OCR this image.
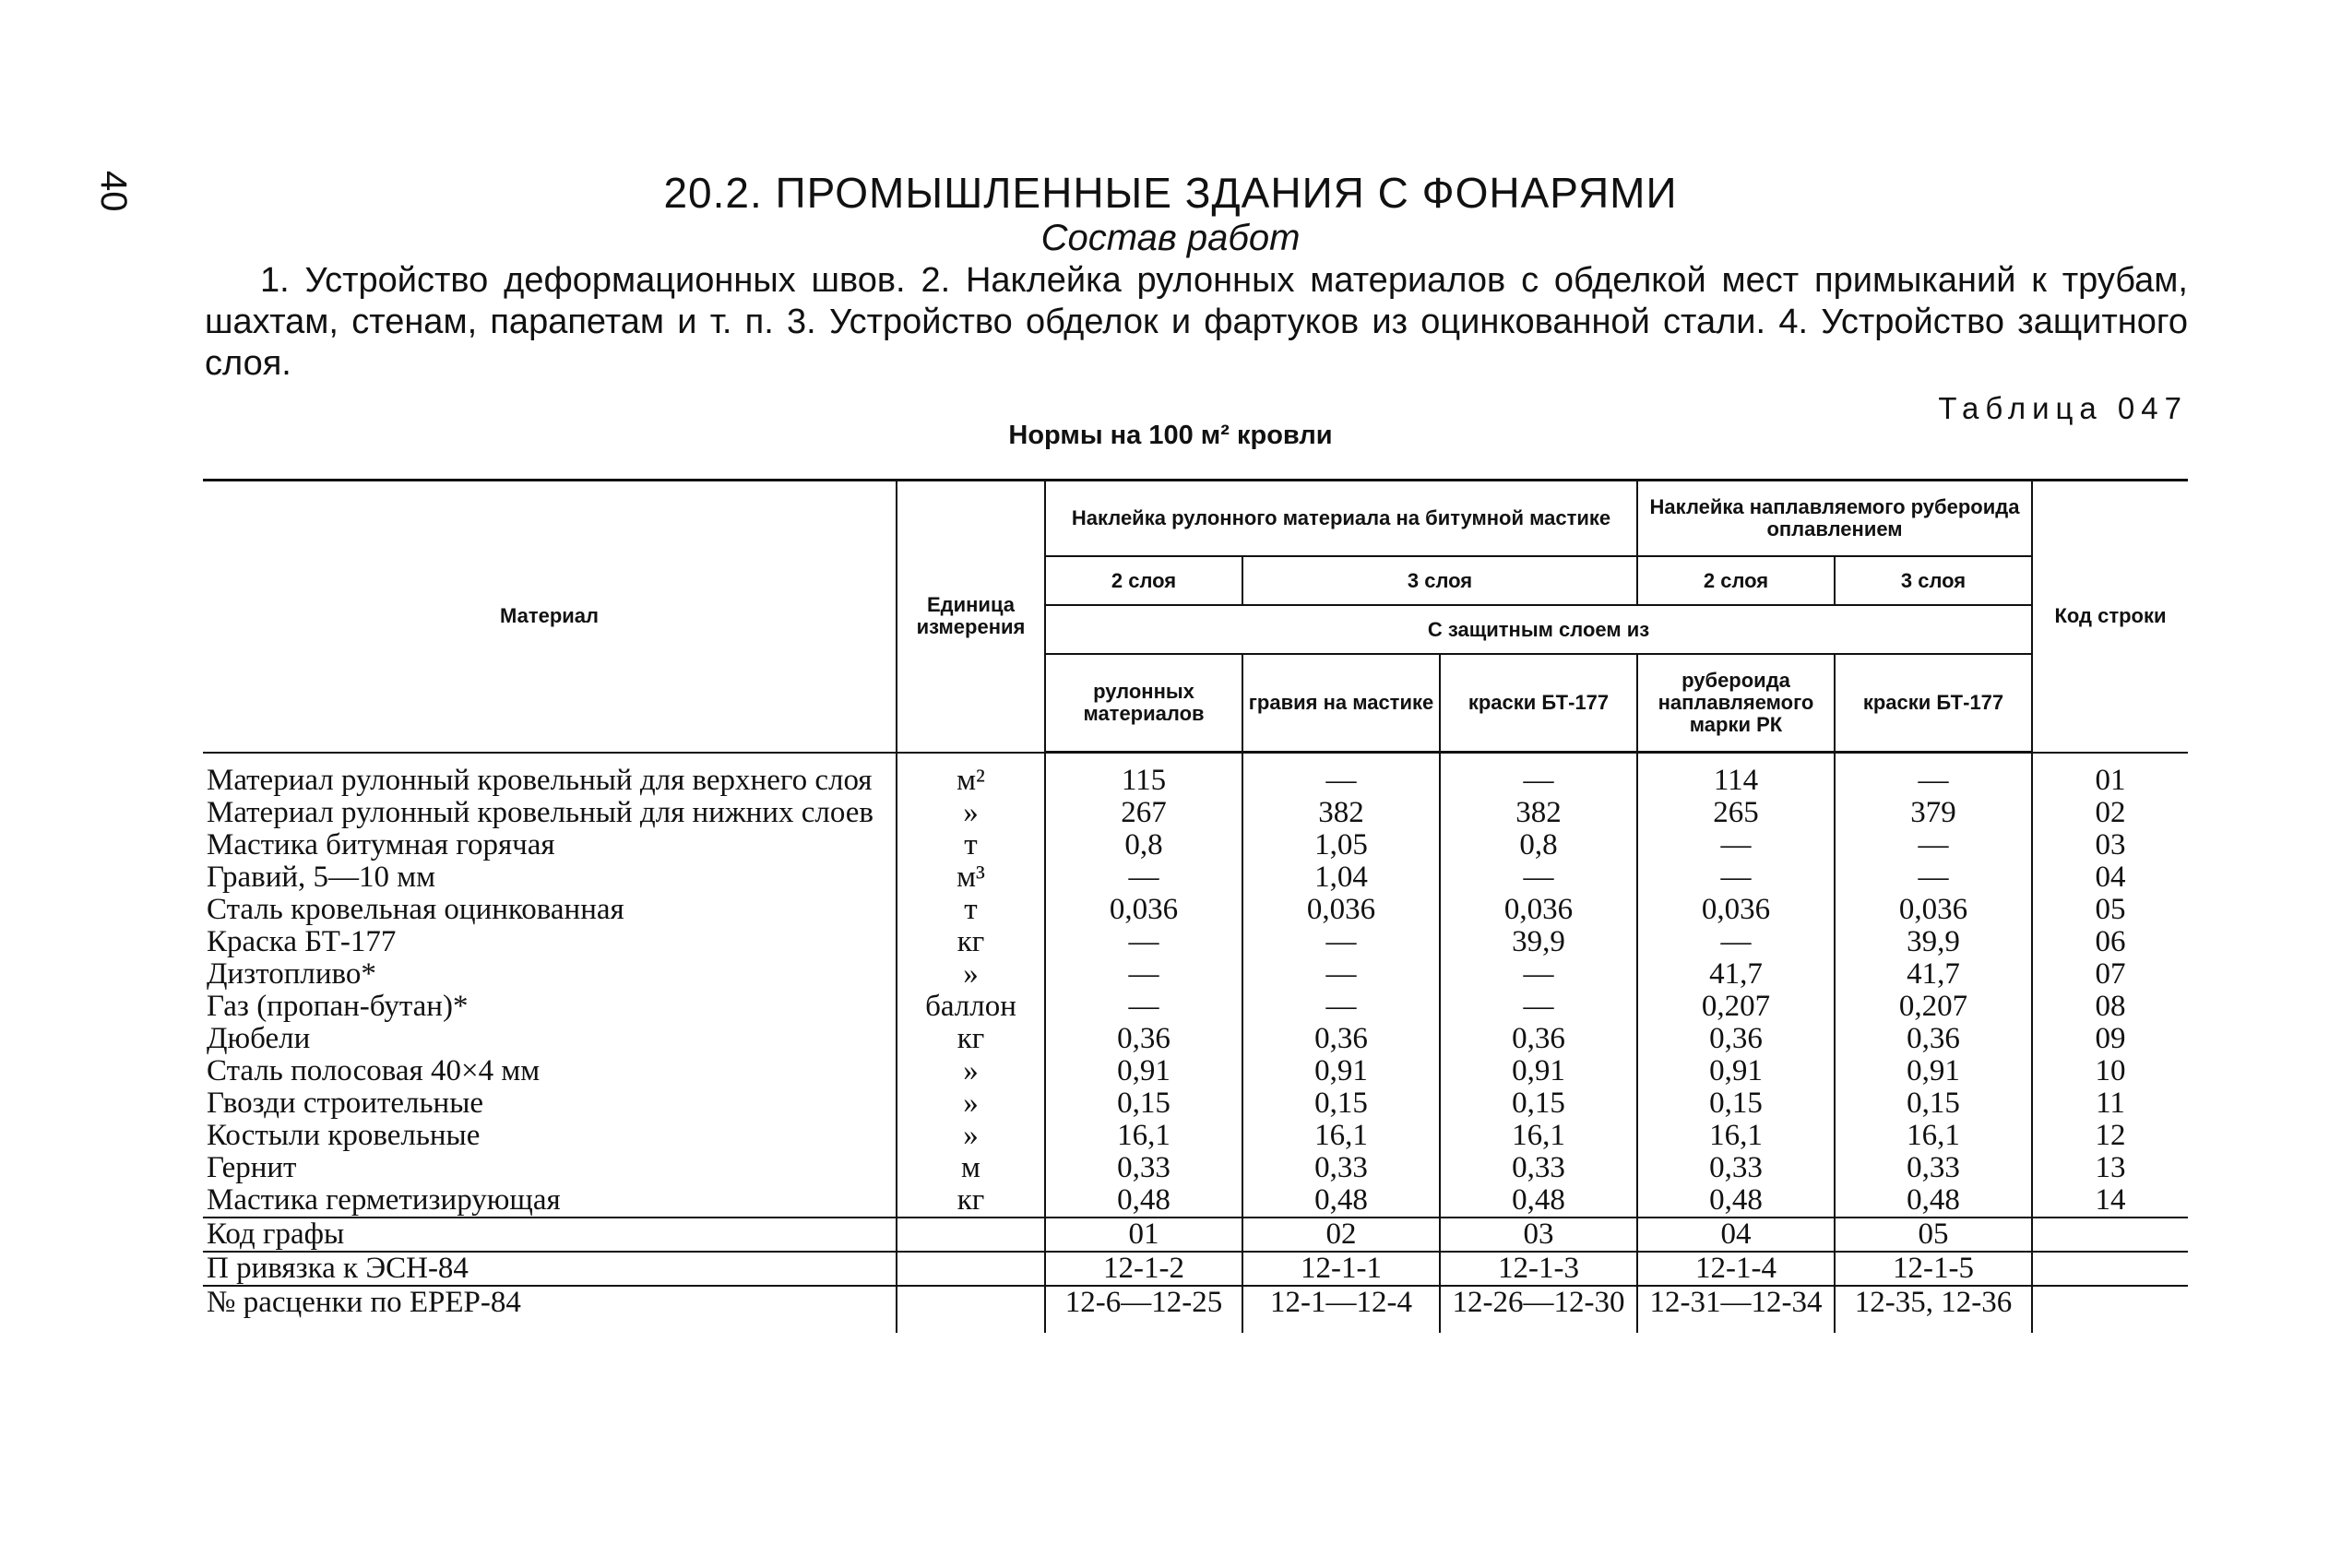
40	20.2. ПРОМЫШЛЕННЫЕ ЗДАНИЯ С ФОНАРЯМИ
Состав работ
1. Устройство деформационных швов. 2. Наклейка рулонных материалов с обделкой мест примыканий к трубам, шахтам, стенам, парапетам и т. п. 3. Устройство обделок и фартуков из оцинкованной стали. 4. Устройство защитного слоя.
Таблица 047
Нормы на 100 м² кровли
Материал	Единица измерения	Наклейка рулонного материала на битумной мастике			Наклейка наплавляемого рубероида оплавлением		Код строки
		2 слоя	3 слоя		2 слоя	3 слоя	
		С защитным слоем из					
		рулонных материалов	гравия на мастике	краски БТ-177	рубероида наплавляемого марки РК	краски БТ-177	
Материал рулонный кровельный для верхнего слоя	м²	115	—	—	114	—	01
Материал рулонный кровельный для нижних слоев	»	267	382	382	265	379	02
Мастика битумная горячая	т	0,8	1,05	0,8	—	—	03
Гравий, 5—10 мм	м³	—	1,04	—	—	—	04
Сталь кровельная оцинкованная	т	0,036	0,036	0,036	0,036	0,036	05
Краска БТ-177	кг	—	—	39,9	—	39,9	06
Дизтопливо*	»	—	—	—	41,7	41,7	07
Газ (пропан-бутан)*	баллон	—	—	—	0,207	0,207	08
Дюбели	кг	0,36	0,36	0,36	0,36	0,36	09
Сталь полосовая 40×4 мм	»	0,91	0,91	0,91	0,91	0,91	10
Гвозди строительные	»	0,15	0,15	0,15	0,15	0,15	11
Костыли кровельные	»	16,1	16,1	16,1	16,1	16,1	12
Гернит	м	0,33	0,33	0,33	0,33	0,33	13
Мастика герметизирующая	кг	0,48	0,48	0,48	0,48	0,48	14
Код графы		01	02	03	04	05	
П ривязка к ЭСН-84		12-1-2	12-1-1	12-1-3	12-1-4	12-1-5	
№ расценки по ЕРЕР-84		12-6—12-25	12-1—12-4	12-26—12-30	12-31—12-34	12-35, 12-36	
